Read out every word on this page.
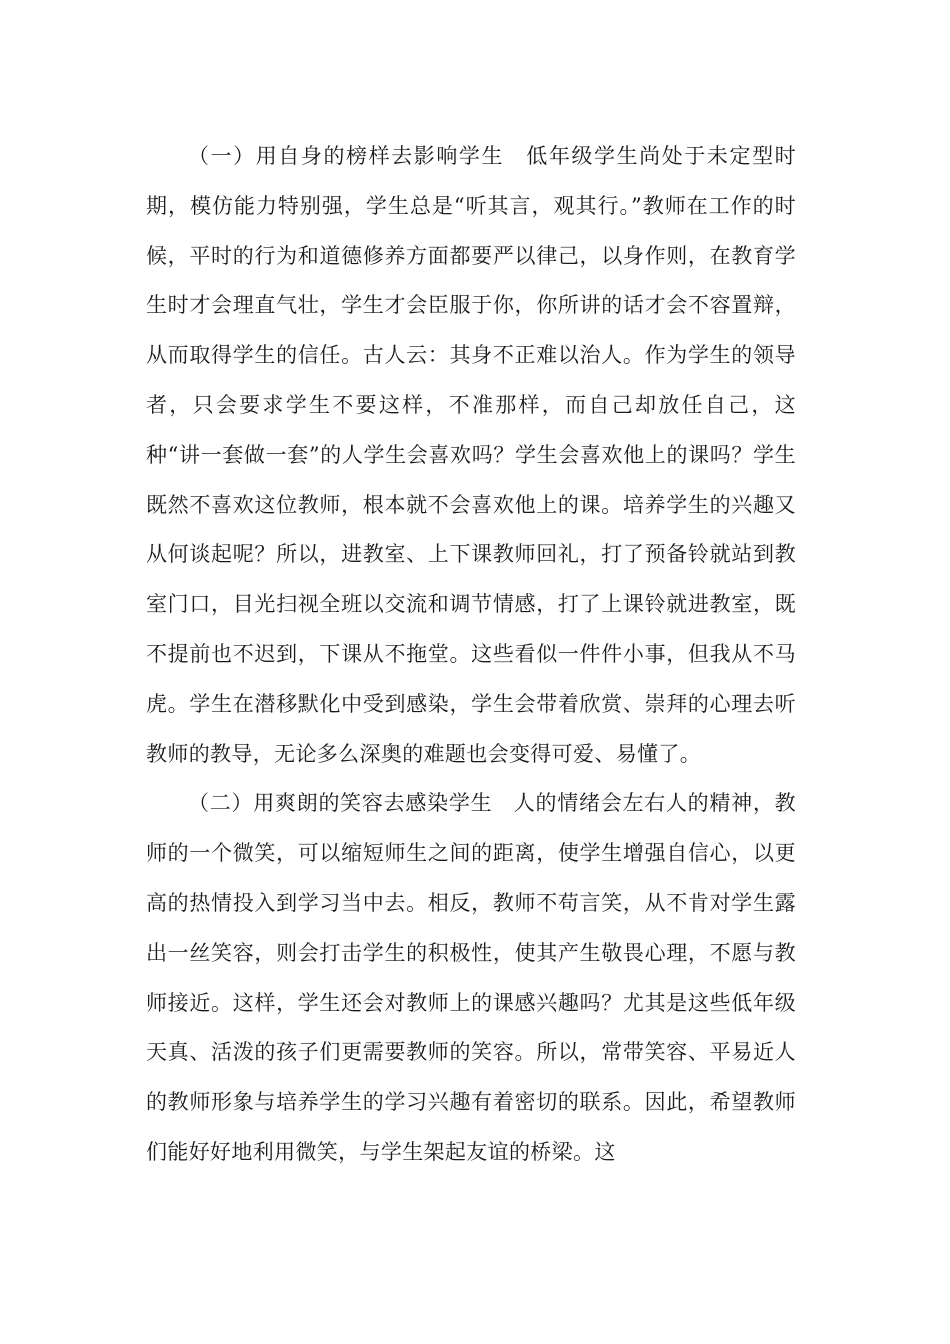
（一）用自身的榜样去影响学生 低年级学生尚处于未定型时期，模仿能力特别强，学生总是“听其言，观其行。”教师在工作的时候，平时的行为和道德修养方面都要严以律己，以身作则，在教育学生时才会理直气壮，学生才会臣服于你，你所讲的话才会不容置辩，从而取得学生的信任。古人云：其身不正难以治人。作为学生的领导者，只会要求学生不要这样，不准那样，而自己却放任自己，这种“讲一套做一套”的人学生会喜欢吗？学生会喜欢他上的课吗？学生既然不喜欢这位教师，根本就不会喜欢他上的课。培养学生的兴趣又从何谈起呢？所以，进教室、上下课教师回礼，打了预备铃就站到教室门口，目光扫视全班以交流和调节情感，打了上课铃就进教室，既不提前也不迟到，下课从不拖堂。这些看似一件件小事，但我从不马虎。学生在潜移默化中受到感染，学生会带着欣赏、崇拜的心理去听教师的教导，无论多么深奥的难题也会变得可爱、易懂了。

（二）用爽朗的笑容去感染学生 人的情绪会左右人的精神，教师的一个微笑，可以缩短师生之间的距离，使学生增强自信心，以更高的热情投入到学习当中去。相反，教师不苟言笑，从不肯对学生露出一丝笑容，则会打击学生的积极性，使其产生敬畏心理，不愿与教师接近。这样，学生还会对教师上的课感兴趣吗？尤其是这些低年级天真、活泼的孩子们更需要教师的笑容。所以，常带笑容、平易近人的教师形象与培养学生的学习兴趣有着密切的联系。因此，希望教师们能好好地利用微笑，与学生架起友谊的桥梁。这
